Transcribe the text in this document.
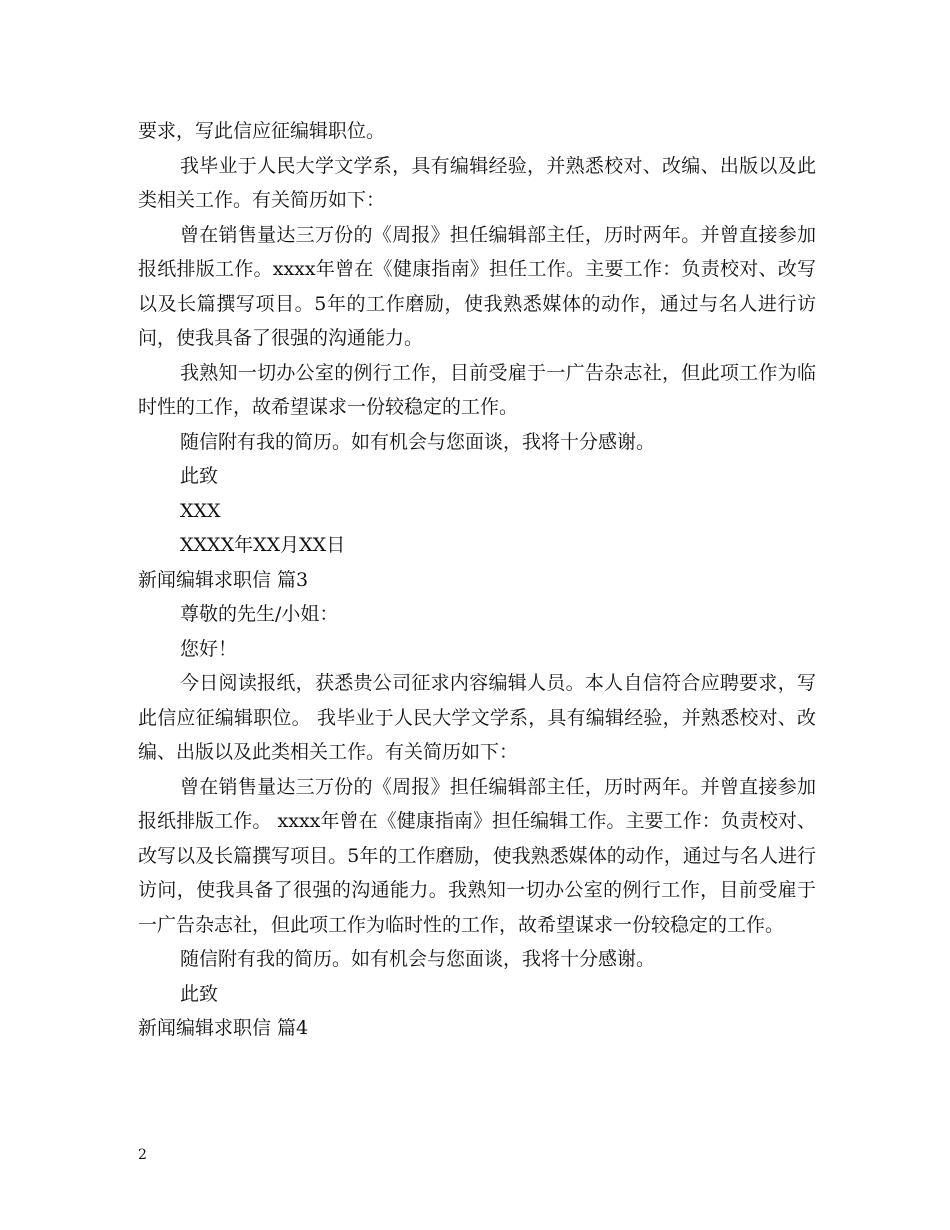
要求，写此信应征编辑职位。

我毕业于人民大学文学系，具有编辑经验，并熟悉校对、改编、出版以及此类相关工作。有关简历如下：

曾在销售量达三万份的《周报》担任编辑部主任，历时两年。并曾直接参加报纸排版工作。xxxx年曾在《健康指南》担任工作。主要工作：负责校对、改写以及长篇撰写项目。5年的工作磨励，使我熟悉媒体的动作，通过与名人进行访问，使我具备了很强的沟通能力。

我熟知一切办公室的例行工作，目前受雇于一广告杂志社，但此项工作为临时性的工作，故希望谋求一份较稳定的工作。

随信附有我的简历。如有机会与您面谈，我将十分感谢。

此致

XXX

XXXX年XX月XX日

新闻编辑求职信 篇3

尊敬的先生/小姐：

您好！

今日阅读报纸，获悉贵公司征求内容编辑人员。本人自信符合应聘要求，写此信应征编辑职位。 我毕业于人民大学文学系，具有编辑经验，并熟悉校对、改编、出版以及此类相关工作。有关简历如下：

曾在销售量达三万份的《周报》担任编辑部主任，历时两年。并曾直接参加报纸排版工作。 xxxx年曾在《健康指南》担任编辑工作。主要工作：负责校对、改写以及长篇撰写项目。5年的工作磨励，使我熟悉媒体的动作，通过与名人进行访问，使我具备了很强的沟通能力。我熟知一切办公室的例行工作，目前受雇于一广告杂志社，但此项工作为临时性的工作，故希望谋求一份较稳定的工作。

随信附有我的简历。如有机会与您面谈，我将十分感谢。

此致

新闻编辑求职信 篇4

2
